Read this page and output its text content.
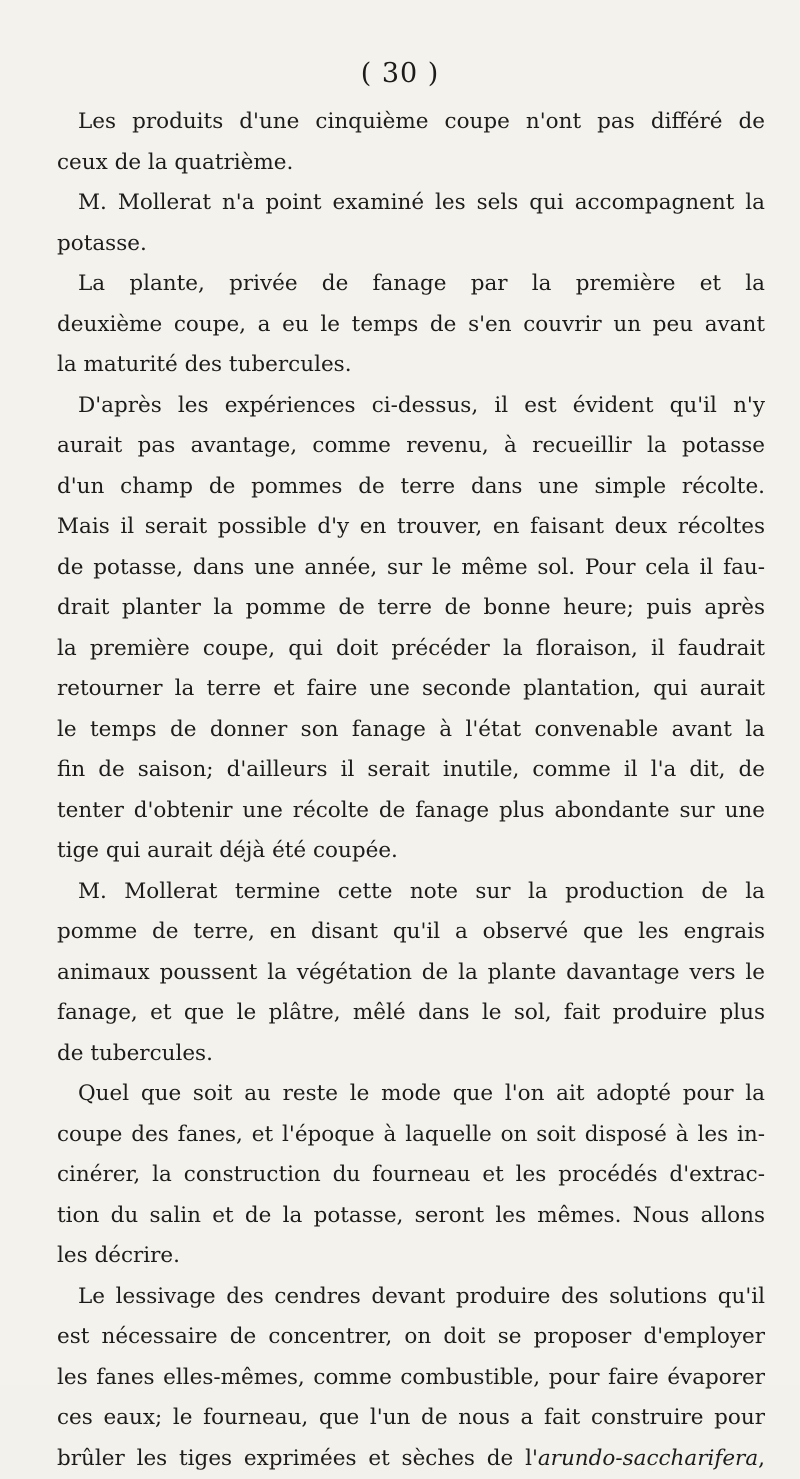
( 30 )
Les produits d'une cinquième coupe n'ont pas différé de
ceux de la quatrième.
M. Mollerat n'a point examiné les sels qui accompagnent la
potasse.
La plante, privée de fanage par la première et la
deuxième coupe, a eu le temps de s'en couvrir un peu avant
la maturité des tubercules.
D'après les expériences ci-dessus, il est évident qu'il n'y
aurait pas avantage, comme revenu, à recueillir la potasse
d'un champ de pommes de terre dans une simple récolte.
Mais il serait possible d'y en trouver, en faisant deux récoltes
de potasse, dans une année, sur le même sol. Pour cela il fau-
drait planter la pomme de terre de bonne heure; puis après
la première coupe, qui doit précéder la floraison, il faudrait
retourner la terre et faire une seconde plantation, qui aurait
le temps de donner son fanage à l'état convenable avant la
fin de saison; d'ailleurs il serait inutile, comme il l'a dit, de
tenter d'obtenir une récolte de fanage plus abondante sur une
tige qui aurait déjà été coupée.
M. Mollerat termine cette note sur la production de la
pomme de terre, en disant qu'il a observé que les engrais
animaux poussent la végétation de la plante davantage vers le
fanage, et que le plâtre, mêlé dans le sol, fait produire plus
de tubercules.
Quel que soit au reste le mode que l'on ait adopté pour la
coupe des fanes, et l'époque à laquelle on soit disposé à les in-
cinérer, la construction du fourneau et les procédés d'extrac-
tion du salin et de la potasse, seront les mêmes. Nous allons
les décrire.
Le lessivage des cendres devant produire des solutions qu'il
est nécessaire de concentrer, on doit se proposer d'employer
les fanes elles-mêmes, comme combustible, pour faire évaporer
ces eaux; le fourneau, que l'un de nous a fait construire pour
brûler les tiges exprimées et sèches de l'arundo-saccharifera,
